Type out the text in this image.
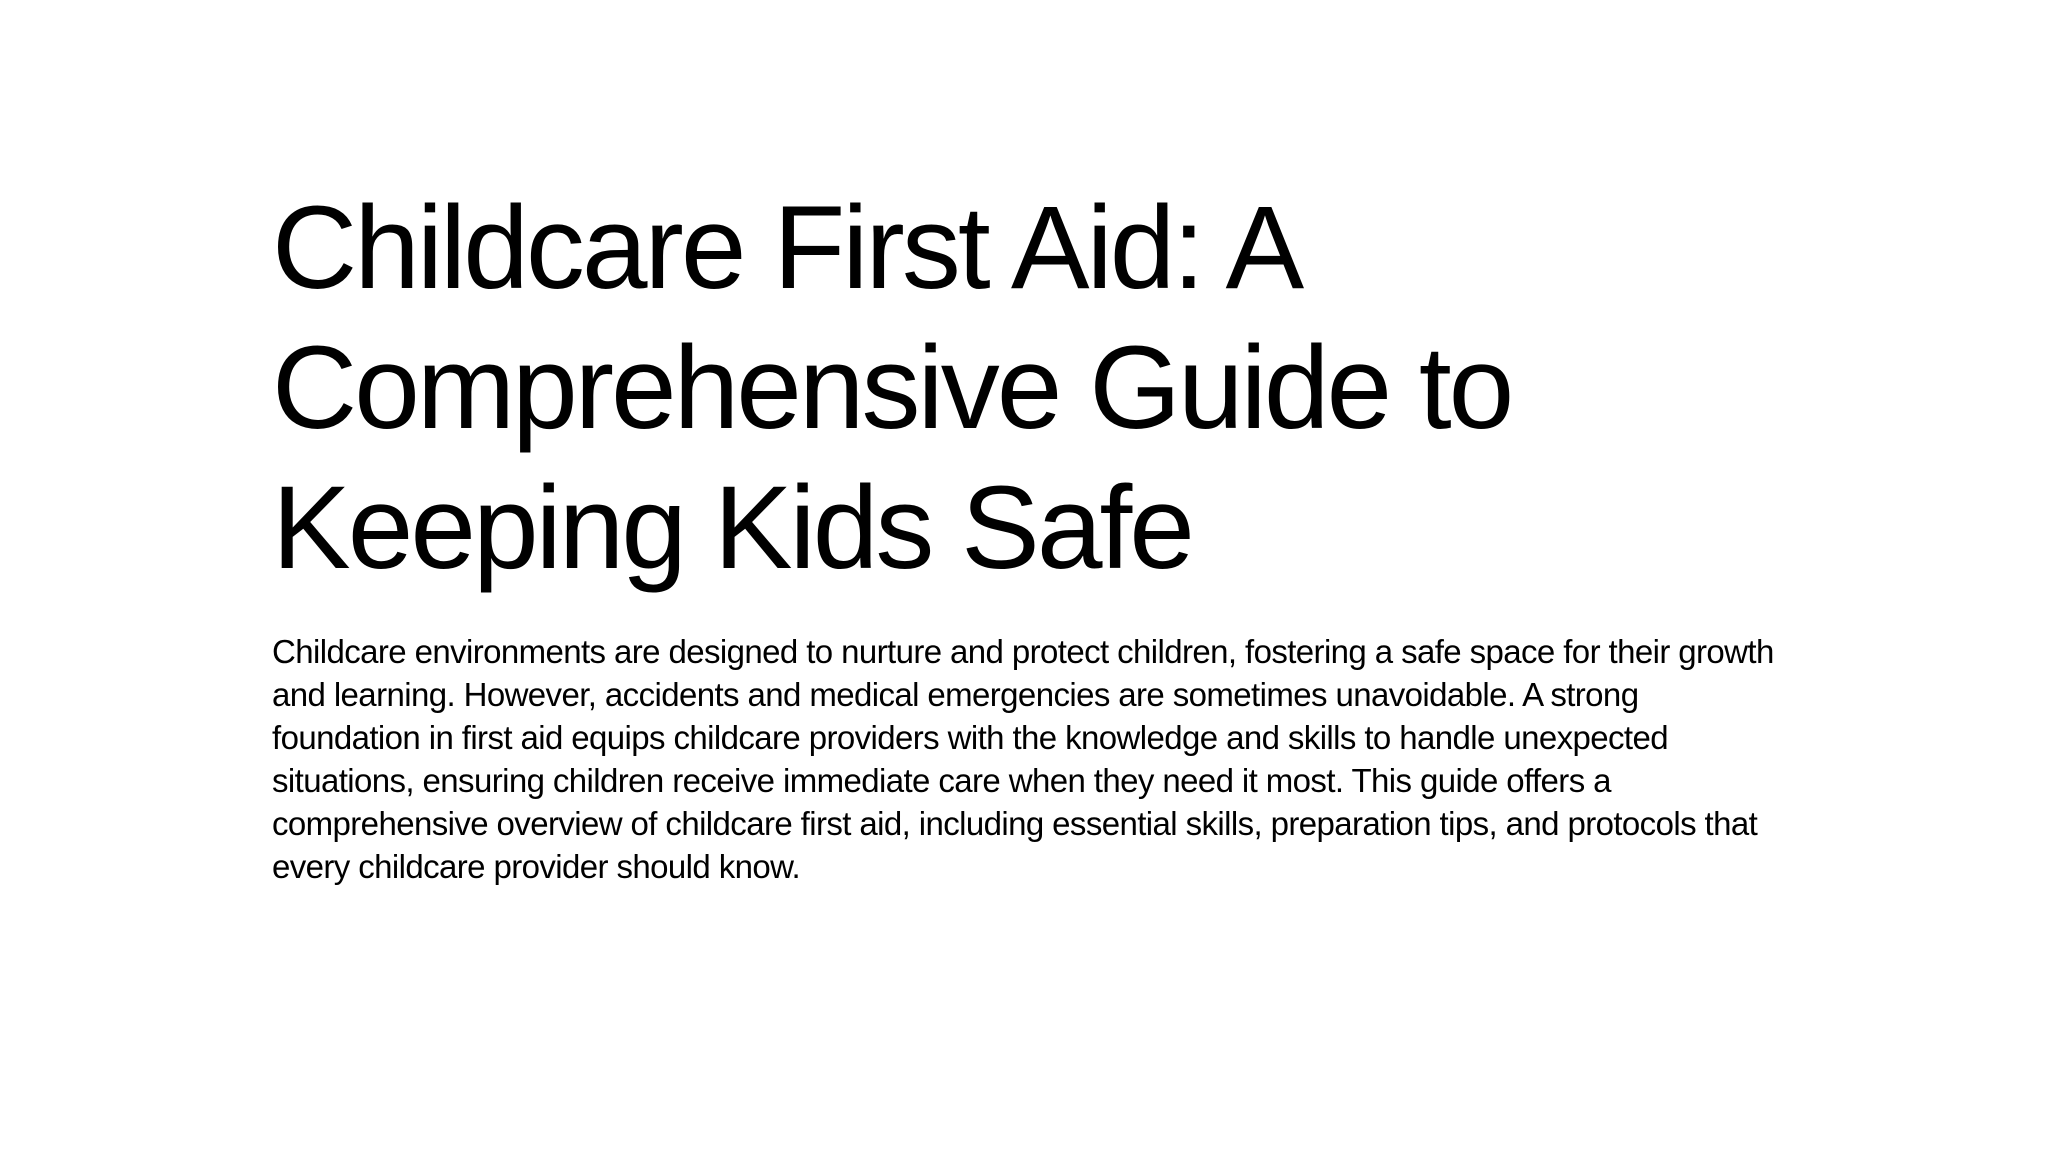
Childcare First Aid: A Comprehensive Guide to Keeping Kids Safe

Childcare environments are designed to nurture and protect children, fostering a safe space for their growth and learning. However, accidents and medical emergencies are sometimes unavoidable. A strong foundation in first aid equips childcare providers with the knowledge and skills to handle unexpected situations, ensuring children receive immediate care when they need it most. This guide offers a comprehensive overview of childcare first aid, including essential skills, preparation tips, and protocols that every childcare provider should know.
